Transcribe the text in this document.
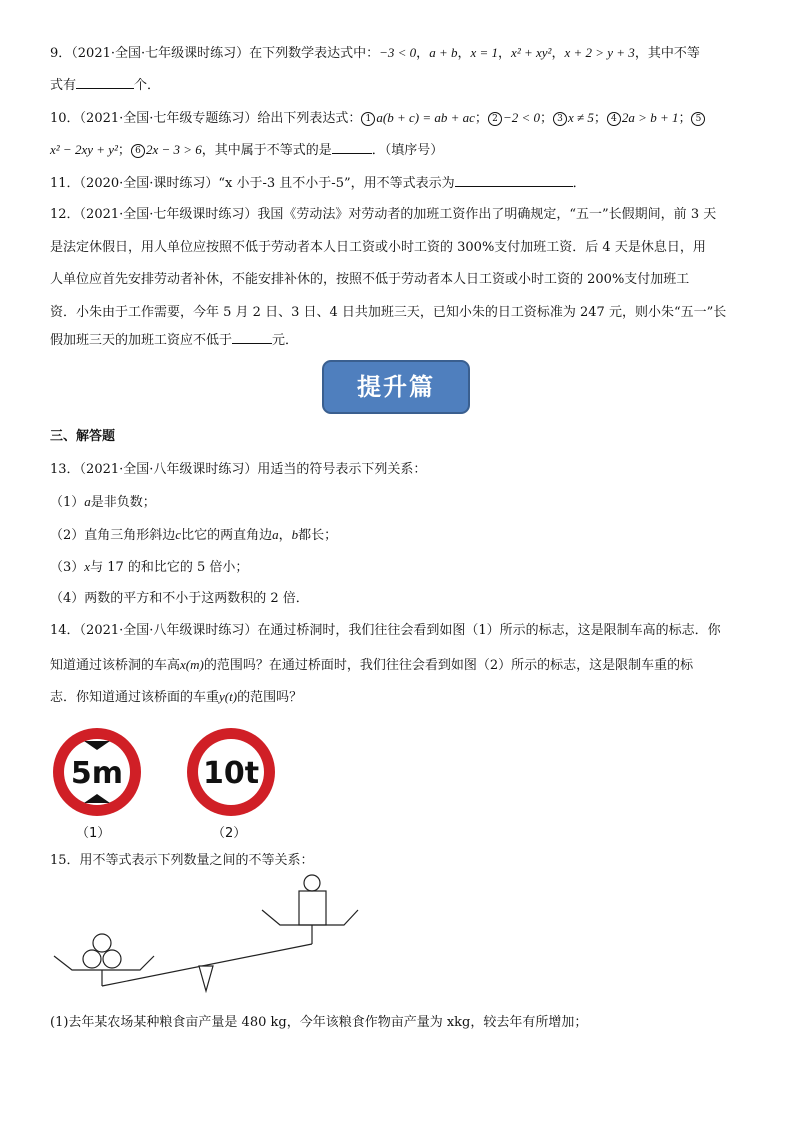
9．（2021·全国·七年级课时练习）在下列数学表达式中：−3 < 0，a + b，x = 1，x² + xy²，x + 2 > y + 3，其中不等
式有	个．
10．（2021·全国·七年级专题练习）给出下列表达式： 1 a(b + c) = ab + ac； 2 −2 < 0； 3 x ≠ 5； 4 2a > b + 1； 5
x² − 2xy + y²； 6 2x − 3 > 6，其中属于不等式的是	．（填序号）
11．（2020·全国·课时练习）“x 小于-3 且不小于-5”，用不等式表示为	．
12．（2021·全国·七年级课时练习）我国《劳动法》对劳动者的加班工资作出了明确规定，“五一”长假期间，前 3 天
是法定休假日，用人单位应按照不低于劳动者本人日工资或小时工资的 300%支付加班工资．后 4 天是休息日，用
人单位应首先安排劳动者补休，不能安排补休的，按照不低于劳动者本人日工资或小时工资的 200%支付加班工
资．小朱由于工作需要，今年 5 月 2 日、3 日、4 日共加班三天，已知小朱的日工资标准为 247 元，则小朱“五一”长
假加班三天的加班工资应不低于	元．
提升篇
三、解答题
13．（2021·全国·八年级课时练习）用适当的符号表示下列关系：
（1）a是非负数；
（2）直角三角形斜边c比它的两直角边a，b都长；
（3）x与 17 的和比它的 5 倍小；
（4）两数的平方和不小于这两数积的 2 倍．
14．（2021·全国·八年级课时练习）在通过桥洞时，我们往往会看到如图（1）所示的标志，这是限制车高的标志．你
知道通过该桥洞的车高x(m)的范围吗？在通过桥面时，我们往往会看到如图（2）所示的标志，这是限制车重的标
志．你知道通过该桥面的车重y(t)的范围吗？
5m
（1）
10t
（2）
15．用不等式表示下列数量之间的不等关系：
(1)去年某农场某种粮食亩产量是 480 kg，今年该粮食作物亩产量为 xkg，较去年有所增加；
